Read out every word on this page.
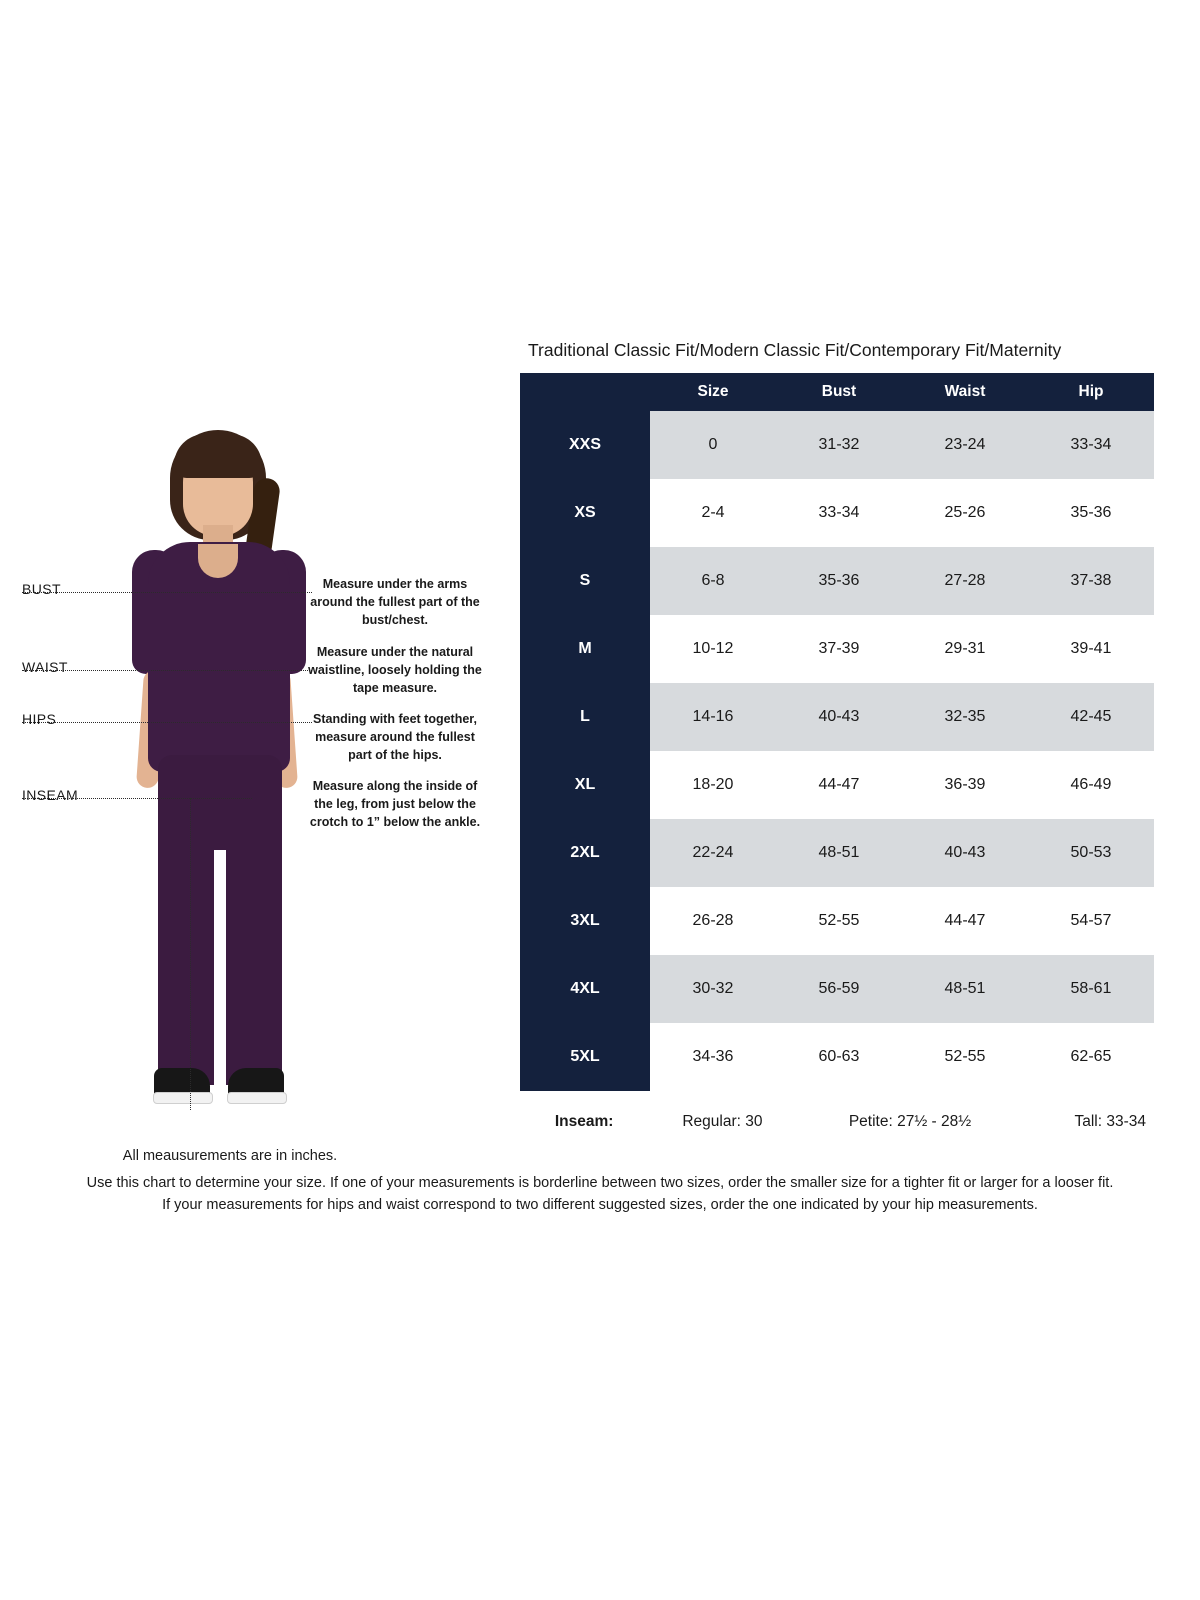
BUST
WAIST
HIPS
INSEAM
Measure under the arms around the fullest part of the bust/chest.
Measure under the natural waistline, loosely holding the tape measure.
Standing with feet together, measure around the fullest part of the hips.
Measure along the inside of the leg, from just below the crotch to 1” below the ankle.
All meausurements are in inches.
Traditional Classic Fit/Modern Classic Fit/Contemporary Fit/Maternity
	Size	Bust	Waist	Hip
XXS	0	31-32	23-24	33-34
XS	2-4	33-34	25-26	35-36
S	6-8	35-36	27-28	37-38
M	10-12	37-39	29-31	39-41
L	14-16	40-43	32-35	42-45
XL	18-20	44-47	36-39	46-49
2XL	22-24	48-51	40-43	50-53
3XL	26-28	52-55	44-47	54-57
4XL	30-32	56-59	48-51	58-61
5XL	34-36	60-63	52-55	62-65
Inseam:	Regular: 30	Petite: 27½ - 28½	Tall: 33-34
Use this chart to determine your size. If one of your measurements is borderline between two sizes, order the smaller size for a tighter fit or larger for a looser fit.
If your measurements for hips and waist correspond to two different suggested sizes, order the one indicated by your hip measurements.
